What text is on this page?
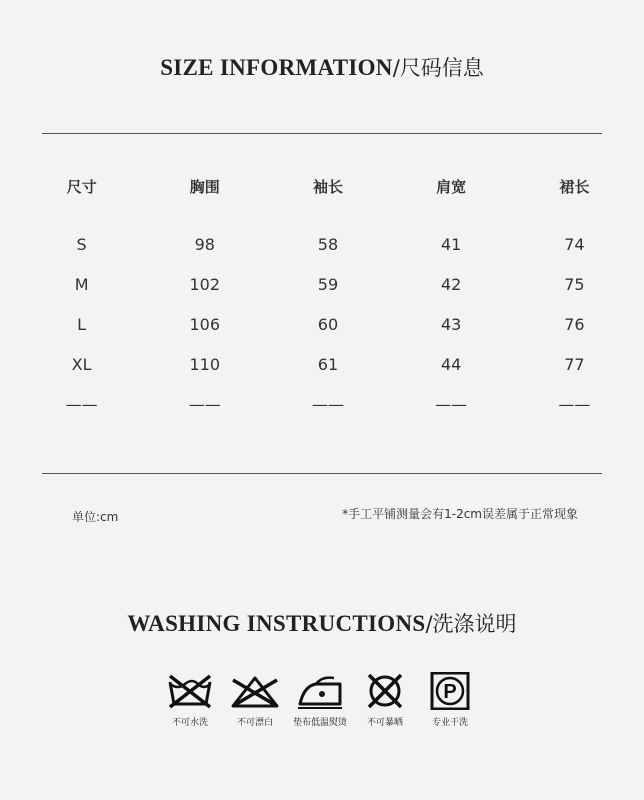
SIZE INFORMATION/尺码信息
尺寸	胸围	袖长	肩宽	裙长

S	98	58	41	74
M	102	59	42	75
L	106	60	43	76
XL	110	61	44	77
——	——	——	——	——
单位:cm	*手工平铺测量会有1-2cm误差属于正常现象
WASHING INSTRUCTIONS/洗涤说明
不可水洗	不可漂白 垫布低温熨烫 不可暴晒
P
专业干洗
